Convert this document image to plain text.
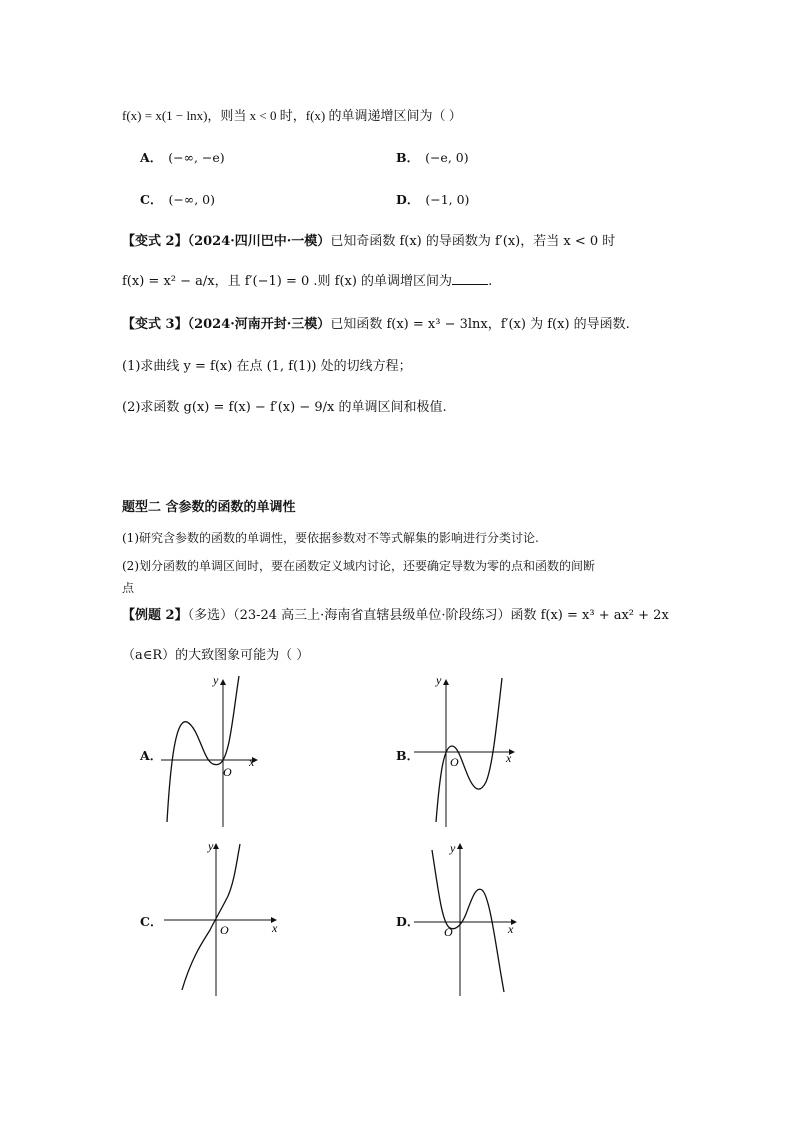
f(x) = x(1 − lnx)，则当 x < 0 时，f(x) 的单调递增区间为（ ）
A． (−∞, −e)	B． (−e, 0)
C． (−∞, 0)	D． (−1, 0)
【变式 2】（2024·四川巴中·一模）已知奇函数 f(x) 的导函数为 f′(x)，若当 x < 0 时
f(x) = x² − a/x，且 f′(−1) = 0 .则 f(x) 的单调增区间为	.
【变式 3】（2024·河南开封·三模）已知函数 f(x) = x³ − 3lnx，f′(x) 为 f(x) 的导函数.
(1)求曲线 y = f(x) 在点 (1, f(1)) 处的切线方程；
(2)求函数 g(x) = f(x) − f′(x) − 9/x 的单调区间和极值.
题型二 含参数的函数的单调性
(1)研究含参数的函数的单调性，要依据参数对不等式解集的影响进行分类讨论.
(2)划分函数的单调区间时，要在函数定义域内讨论，还要确定导数为零的点和函数的间断
点
【例题 2】（多选）（23-24 高三上·海南省直辖县级单位·阶段练习）函数 f(x) = x³ + ax² + 2x
（a∈R）的大致图象可能为（ ）
A．
y
x
O
B．
y
x
O
C．
y
x
O
D．
y
x
O
